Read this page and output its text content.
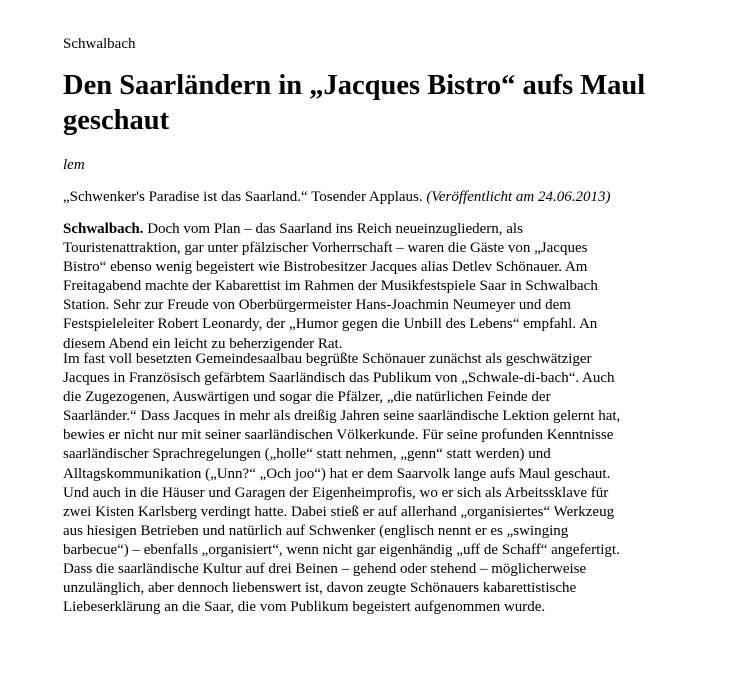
Schwalbach

Den Saarländern in „Jacques Bistro“ aufs Maul geschaut

lem

„Schwenker's Paradise ist das Saarland.“ Tosender Applaus. (Veröffentlicht am 24.06.2013)

Schwalbach. Doch vom Plan – das Saarland ins Reich neueinzugliedern, als
Touristenattraktion, gar unter pfälzischer Vorherrschaft – waren die Gäste von „Jacques
Bistro“ ebenso wenig begeistert wie Bistrobesitzer Jacques alias Detlev Schönauer. Am
Freitagabend machte der Kabarettist im Rahmen der Musikfestspiele Saar in Schwalbach
Station. Sehr zur Freude von Oberbürgermeister Hans-Joachmin Neumeyer und dem
Festspieleleiter Robert Leonardy, der „Humor gegen die Unbill des Lebens“ empfahl. An
diesem Abend ein leicht zu beherzigender Rat.
Im fast voll besetzten Gemeindesaalbau begrüßte Schönauer zunächst als geschwätziger
Jacques in Französisch gefärbtem Saarländisch das Publikum von „Schwale-di-bach“. Auch
die Zugezogenen, Auswärtigen und sogar die Pfälzer, „die natürlichen Feinde der
Saarländer.“ Dass Jacques in mehr als dreißig Jahren seine saarländische Lektion gelernt hat,
bewies er nicht nur mit seiner saarländischen Völkerkunde. Für seine profunden Kenntnisse
saarländischer Sprachregelungen („holle“ statt nehmen, „genn“ statt werden) und
Alltagskommunikation („Unn?“ „Och joo“) hat er dem Saarvolk lange aufs Maul geschaut.
Und auch in die Häuser und Garagen der Eigenheimprofis, wo er sich als Arbeitssklave für
zwei Kisten Karlsberg verdingt hatte. Dabei stieß er auf allerhand „organisiertes“ Werkzeug
aus hiesigen Betrieben und natürlich auf Schwenker (englisch nennt er es „swinging
barbecue“) – ebenfalls „organisiert“, wenn nicht gar eigenhändig „uff de Schaff“ angefertigt.
Dass die saarländische Kultur auf drei Beinen – gehend oder stehend – möglicherweise
unzulänglich, aber dennoch liebenswert ist, davon zeugte Schönauers kabarettistische
Liebeserklärung an die Saar, die vom Publikum begeistert aufgenommen wurde.
